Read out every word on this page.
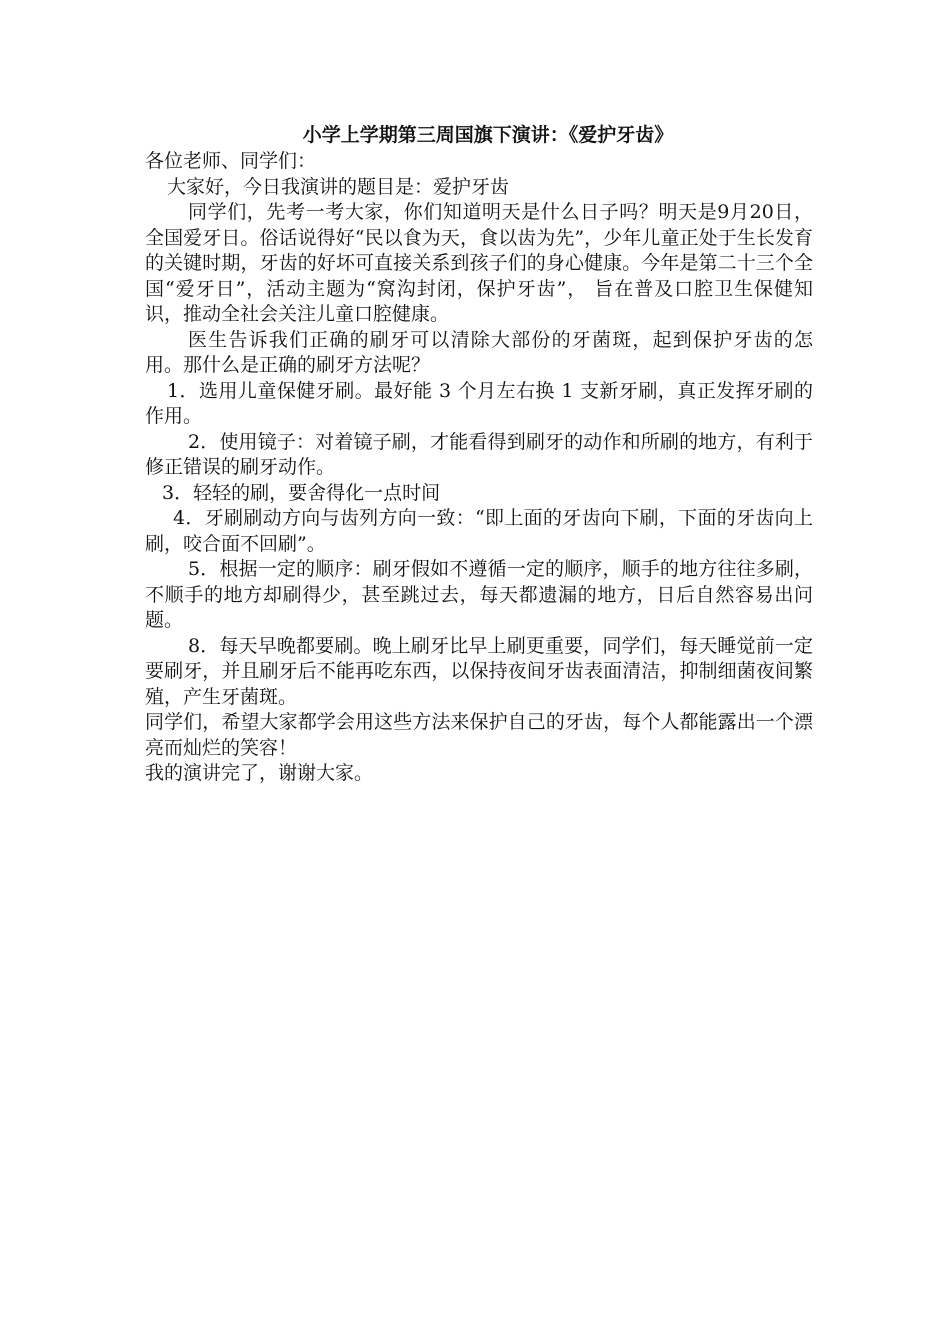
小学上学期第三周国旗下演讲：《爱护牙齿》

各位老师、同学们：

大家好，今日我演讲的题目是：爱护牙齿

同学们，先考一考大家，你们知道明天是什么日子吗？明天是9月20日，全国爱牙日。俗话说得好“民以食为天，食以齿为先”，少年儿童正处于生长发育的关键时期，牙齿的好坏可直接关系到孩子们的身心健康。今年是第二十三个全国“爱牙日”，活动主题为“窝沟封闭，保护牙齿”， 旨在普及口腔卫生保健知识，推动全社会关注儿童口腔健康。

医生告诉我们正确的刷牙可以清除大部份的牙菌斑，起到保护牙齿的怎用。那什么是正确的刷牙方法呢？

1．选用儿童保健牙刷。最好能 3 个月左右换 1 支新牙刷，真正发挥牙刷的作用。

2．使用镜子：对着镜子刷，才能看得到刷牙的动作和所刷的地方，有利于修正错误的刷牙动作。

3．轻轻的刷，要舍得化一点时间

4．牙刷刷动方向与齿列方向一致：“即上面的牙齿向下刷，下面的牙齿向上刷，咬合面不回刷”。

5．根据一定的顺序：刷牙假如不遵循一定的顺序，顺手的地方往往多刷，不顺手的地方却刷得少，甚至跳过去，每天都遗漏的地方，日后自然容易出问题。

8．每天早晚都要刷。晚上刷牙比早上刷更重要，同学们，每天睡觉前一定要刷牙，并且刷牙后不能再吃东西，以保持夜间牙齿表面清洁，抑制细菌夜间繁殖，产生牙菌斑。

同学们，希望大家都学会用这些方法来保护自己的牙齿，每个人都能露出一个漂亮而灿烂的笑容！

我的演讲完了，谢谢大家。
